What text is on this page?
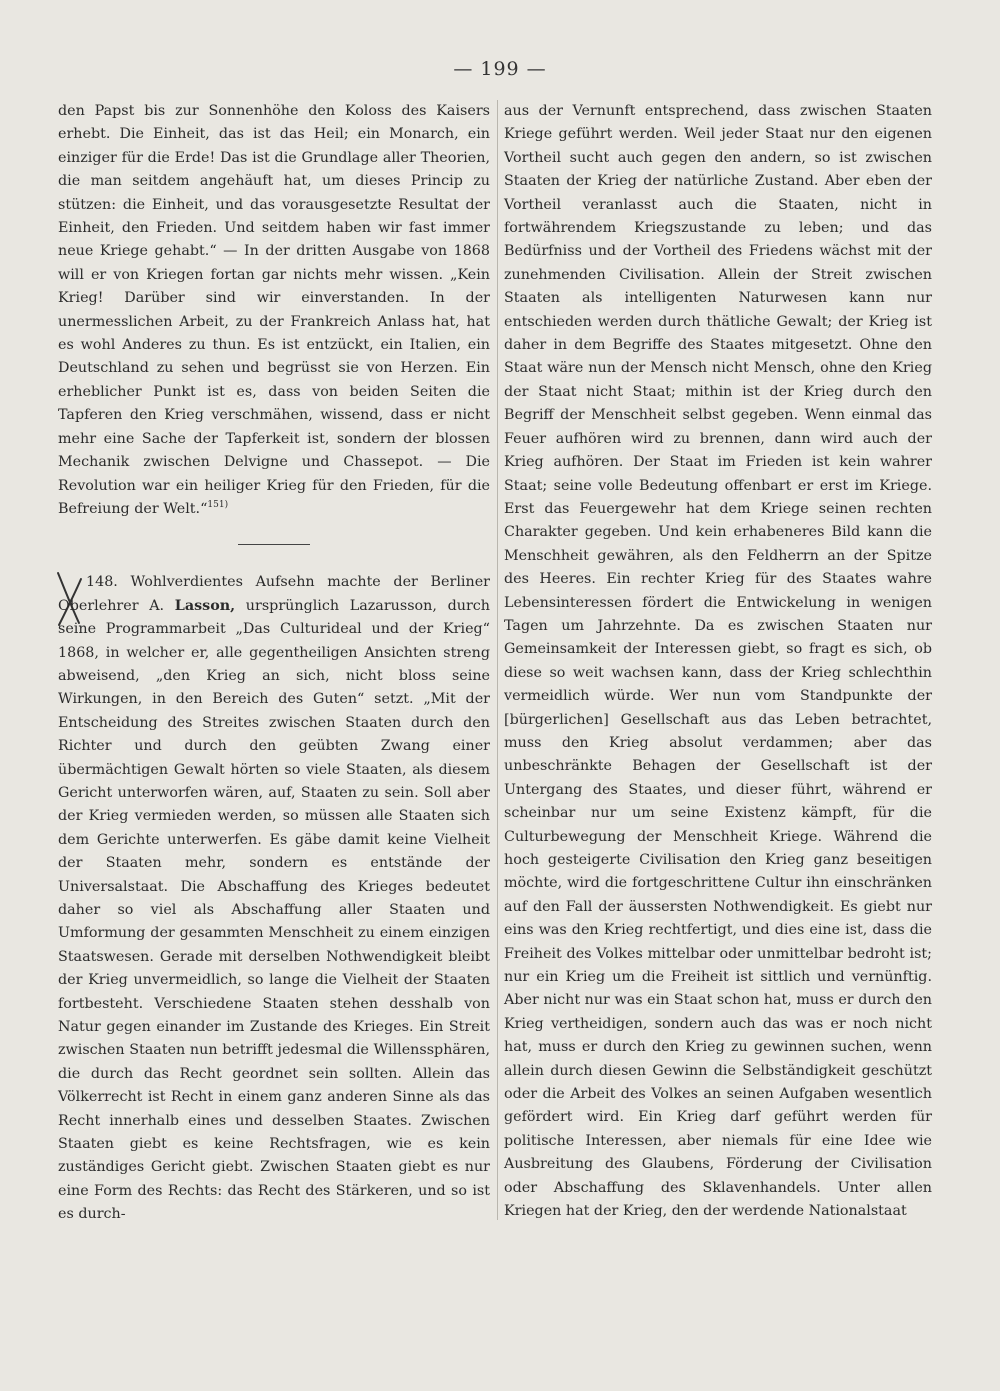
— 199 —

den Papst bis zur Sonnenhöhe den Koloss des Kaisers erhebt. Die Einheit, das ist das Heil; ein Monarch, ein einziger für die Erde! Das ist die Grundlage aller Theorien, die man seitdem angehäuft hat, um dieses Princip zu stützen: die Einheit, und das vorausgesetzte Resultat der Einheit, den Frieden. Und seitdem haben wir fast immer neue Kriege gehabt.“ — In der dritten Ausgabe von 1868 will er von Kriegen fortan gar nichts mehr wissen. „Kein Krieg! Darüber sind wir einverstanden. In der unermesslichen Arbeit, zu der Frankreich Anlass hat, hat es wohl Anderes zu thun. Es ist entzückt, ein Italien, ein Deutschland zu sehen und begrüsst sie von Herzen. Ein erheblicher Punkt ist es, dass von beiden Seiten die Tapferen den Krieg verschmähen, wissend, dass er nicht mehr eine Sache der Tapferkeit ist, sondern der blossen Mechanik zwischen Delvigne und Chassepot. — Die Revolution war ein heiliger Krieg für den Frieden, für die Befreiung der Welt.“$^{151)}$

148. Wohlverdientes Aufsehn machte der Berliner Oberlehrer A. Lasson, ursprünglich Lazarusson, durch seine Programmarbeit „Das Culturideal und der Krieg“ 1868, in welcher er, alle gegentheiligen Ansichten streng abweisend, „den Krieg an sich, nicht bloss seine Wirkungen, in den Bereich des Guten“ setzt. „Mit der Entscheidung des Streites zwischen Staaten durch den Richter und durch den geübten Zwang einer übermächtigen Gewalt hörten so viele Staaten, als diesem Gericht unterworfen wären, auf, Staaten zu sein. Soll aber der Krieg vermieden werden, so müssen alle Staaten sich dem Gerichte unterwerfen. Es gäbe damit keine Vielheit der Staaten mehr, sondern es entstände der Universalstaat. Die Abschaffung des Krieges bedeutet daher so viel als Abschaffung aller Staaten und Umformung der gesammten Menschheit zu einem einzigen Staatswesen. Gerade mit derselben Nothwendigkeit bleibt der Krieg unvermeidlich, so lange die Vielheit der Staaten fortbesteht. Verschiedene Staaten stehen desshalb von Natur gegen einander im Zustande des Krieges. Ein Streit zwischen Staaten nun betrifft jedesmal die Willenssphären, die durch das Recht geordnet sein sollten. Allein das Völkerrecht ist Recht in einem ganz anderen Sinne als das Recht innerhalb eines und desselben Staates. Zwischen Staaten giebt es keine Rechtsfragen, wie es kein zuständiges Gericht giebt. Zwischen Staaten giebt es nur eine Form des Rechts: das Recht des Stärkeren, und so ist es durch-

aus der Vernunft entsprechend, dass zwischen Staaten Kriege geführt werden. Weil jeder Staat nur den eigenen Vortheil sucht auch gegen den andern, so ist zwischen Staaten der Krieg der natürliche Zustand. Aber eben der Vortheil veranlasst auch die Staaten, nicht in fortwährendem Kriegszustande zu leben; und das Bedürfniss und der Vortheil des Friedens wächst mit der zunehmenden Civilisation. Allein der Streit zwischen Staaten als intelligenten Naturwesen kann nur entschieden werden durch thätliche Gewalt; der Krieg ist daher in dem Begriffe des Staates mitgesetzt. Ohne den Staat wäre nun der Mensch nicht Mensch, ohne den Krieg der Staat nicht Staat; mithin ist der Krieg durch den Begriff der Menschheit selbst gegeben. Wenn einmal das Feuer aufhören wird zu brennen, dann wird auch der Krieg aufhören. Der Staat im Frieden ist kein wahrer Staat; seine volle Bedeutung offenbart er erst im Kriege. Erst das Feuergewehr hat dem Kriege seinen rechten Charakter gegeben. Und kein erhabeneres Bild kann die Menschheit gewähren, als den Feldherrn an der Spitze des Heeres. Ein rechter Krieg für des Staates wahre Lebensinteressen fördert die Entwickelung in wenigen Tagen um Jahrzehnte. Da es zwischen Staaten nur Gemeinsamkeit der Interessen giebt, so fragt es sich, ob diese so weit wachsen kann, dass der Krieg schlechthin vermeidlich würde. Wer nun vom Standpunkte der [bürgerlichen] Gesellschaft aus das Leben betrachtet, muss den Krieg absolut verdammen; aber das unbeschränkte Behagen der Gesellschaft ist der Untergang des Staates, und dieser führt, während er scheinbar nur um seine Existenz kämpft, für die Culturbewegung der Menschheit Kriege. Während die hoch gesteigerte Civilisation den Krieg ganz beseitigen möchte, wird die fortgeschrittene Cultur ihn einschränken auf den Fall der äussersten Nothwendigkeit. Es giebt nur eins was den Krieg rechtfertigt, und dies eine ist, dass die Freiheit des Volkes mittelbar oder unmittelbar bedroht ist; nur ein Krieg um die Freiheit ist sittlich und vernünftig. Aber nicht nur was ein Staat schon hat, muss er durch den Krieg vertheidigen, sondern auch das was er noch nicht hat, muss er durch den Krieg zu gewinnen suchen, wenn allein durch diesen Gewinn die Selbständigkeit geschützt oder die Arbeit des Volkes an seinen Aufgaben wesentlich gefördert wird. Ein Krieg darf geführt werden für politische Interessen, aber niemals für eine Idee wie Ausbreitung des Glaubens, Förderung der Civilisation oder Abschaffung des Sklavenhandels. Unter allen Kriegen hat der Krieg, den der werdende Nationalstaat
